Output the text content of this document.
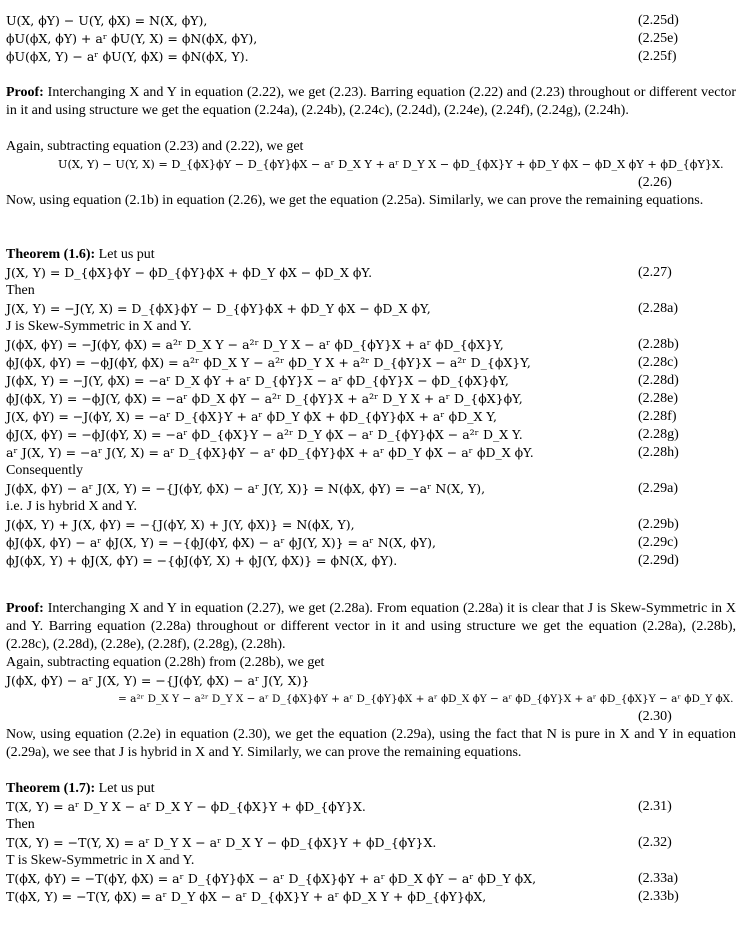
U(X, ϕY) − U(Y, ϕX) = N(X, ϕY),	(2.25d)
ϕU(ϕX, ϕY) + aʳ ϕU(Y, X) = ϕN(ϕX, ϕY),	(2.25e)
ϕU(ϕX, Y) − aʳ ϕU(Y, ϕX) = ϕN(ϕX, Y).	(2.25f)
Proof: Interchanging X and Y in equation (2.22), we get (2.23). Barring equation (2.22) and (2.23) throughout or different vector in it and using structure we get the equation (2.24a), (2.24b), (2.24c), (2.24d), (2.24e), (2.24f), (2.24g), (2.24h).
Again, subtracting equation (2.23) and (2.22), we get
U(X, Y) − U(Y, X) = D_{ϕX}ϕY − D_{ϕY}ϕX − aʳ D_X Y + aʳ D_Y X − ϕD_{ϕX}Y + ϕD_Y ϕX − ϕD_X ϕY + ϕD_{ϕY}X.
(2.26)
Now, using equation (2.1b) in equation (2.26), we get the equation (2.25a). Similarly, we can prove the remaining equations.
Theorem (1.6): Let us put
J(X, Y) = D_{ϕX}ϕY − ϕD_{ϕY}ϕX + ϕD_Y ϕX − ϕD_X ϕY.	(2.27)
Then
J(X, Y) = −J(Y, X) = D_{ϕX}ϕY − D_{ϕY}ϕX + ϕD_Y ϕX − ϕD_X ϕY,	(2.28a)
J is Skew-Symmetric in X and Y.
J(ϕX, ϕY) = −J(ϕY, ϕX) = a²ʳ D_X Y − a²ʳ D_Y X − aʳ ϕD_{ϕY}X + aʳ ϕD_{ϕX}Y,	(2.28b)
ϕJ(ϕX, ϕY) = −ϕJ(ϕY, ϕX) = a²ʳ ϕD_X Y − a²ʳ ϕD_Y X + a²ʳ D_{ϕY}X − a²ʳ D_{ϕX}Y,	(2.28c)
J(ϕX, Y) = −J(Y, ϕX) = −aʳ D_X ϕY + aʳ D_{ϕY}X − aʳ ϕD_{ϕY}X − ϕD_{ϕX}ϕY,	(2.28d)
ϕJ(ϕX, Y) = −ϕJ(Y, ϕX) = −aʳ ϕD_X ϕY − a²ʳ D_{ϕY}X + a²ʳ D_Y X + aʳ D_{ϕX}ϕY,	(2.28e)
J(X, ϕY) = −J(ϕY, X) = −aʳ D_{ϕX}Y + aʳ ϕD_Y ϕX + ϕD_{ϕY}ϕX + aʳ ϕD_X Y,	(2.28f)
ϕJ(X, ϕY) = −ϕJ(ϕY, X) = −aʳ ϕD_{ϕX}Y − a²ʳ D_Y ϕX − aʳ D_{ϕY}ϕX − a²ʳ D_X Y.	(2.28g)
aʳ J(X, Y) = −aʳ J(Y, X) = aʳ D_{ϕX}ϕY − aʳ ϕD_{ϕY}ϕX + aʳ ϕD_Y ϕX − aʳ ϕD_X ϕY.	(2.28h)
Consequently
J(ϕX, ϕY) − aʳ J(X, Y) = −{J(ϕY, ϕX) − aʳ J(Y, X)} = N(ϕX, ϕY) = −aʳ N(X, Y),	(2.29a)
i.e. J is hybrid X and Y.
J(ϕX, Y) + J(X, ϕY) = −{J(ϕY, X) + J(Y, ϕX)} = N(ϕX, Y),	(2.29b)
ϕJ(ϕX, ϕY) − aʳ ϕJ(X, Y) = −{ϕJ(ϕY, ϕX) − aʳ ϕJ(Y, X)} = aʳ N(X, ϕY),	(2.29c)
ϕJ(ϕX, Y) + ϕJ(X, ϕY) = −{ϕJ(ϕY, X) + ϕJ(Y, ϕX)} = ϕN(X, ϕY).	(2.29d)
Proof: Interchanging X and Y in equation (2.27), we get (2.28a). From equation (2.28a) it is clear that J is Skew-Symmetric in X and Y. Barring equation (2.28a) throughout or different vector in it and using structure we get the equation (2.28a), (2.28b), (2.28c), (2.28d), (2.28e), (2.28f), (2.28g), (2.28h).
Again, subtracting equation (2.28h) from (2.28b), we get
J(ϕX, ϕY) − aʳ J(X, Y) = −{J(ϕY, ϕX) − aʳ J(Y, X)}
= a²ʳ D_X Y − a²ʳ D_Y X − aʳ D_{ϕX}ϕY + aʳ D_{ϕY}ϕX + aʳ ϕD_X ϕY − aʳ ϕD_{ϕY}X + aʳ ϕD_{ϕX}Y − aʳ ϕD_Y ϕX.
(2.30)
Now, using equation (2.2e) in equation (2.30), we get the equation (2.29a), using the fact that N is pure in X and Y in equation (2.29a), we see that J is hybrid in X and Y. Similarly, we can prove the remaining equations.
Theorem (1.7): Let us put
T(X, Y) = aʳ D_Y X − aʳ D_X Y − ϕD_{ϕX}Y + ϕD_{ϕY}X.	(2.31)
Then
T(X, Y) = −T(Y, X) = aʳ D_Y X − aʳ D_X Y − ϕD_{ϕX}Y + ϕD_{ϕY}X.	(2.32)
T is Skew-Symmetric in X and Y.
T(ϕX, ϕY) = −T(ϕY, ϕX) = aʳ D_{ϕY}ϕX − aʳ D_{ϕX}ϕY + aʳ ϕD_X ϕY − aʳ ϕD_Y ϕX,	(2.33a)
T(ϕX, Y) = −T(Y, ϕX) = aʳ D_Y ϕX − aʳ D_{ϕX}Y + aʳ ϕD_X Y + ϕD_{ϕY}ϕX,	(2.33b)
